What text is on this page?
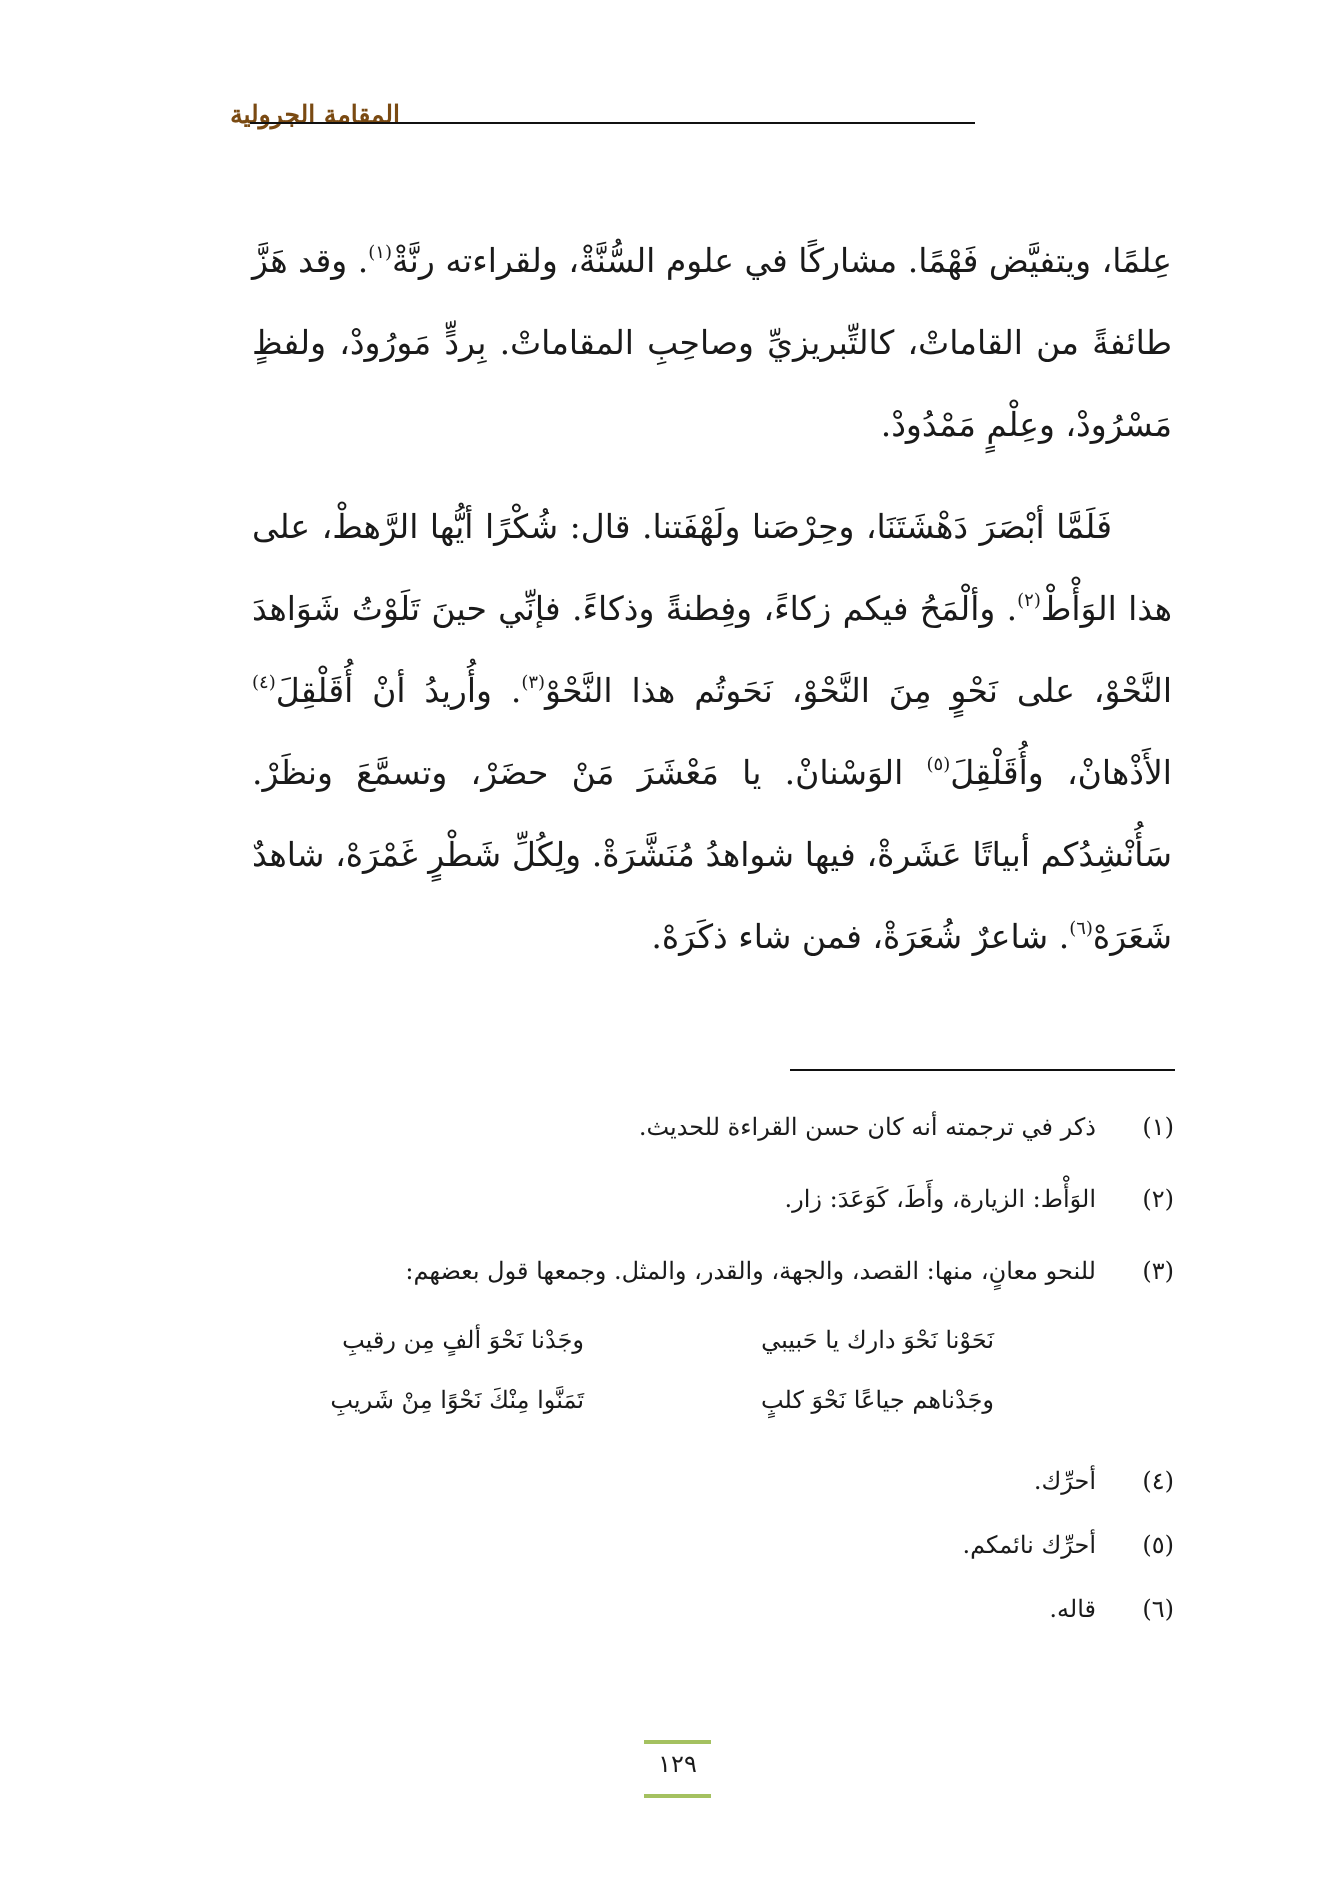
المقامة الجرولية

عِلمًا، ويتفيَّض فَهْمًا. مشاركًا في علوم السُّنَّةْ، ولقراءته رنَّةْ$^{(١)}$. وقد هَزَّ طائفةً من القاماتْ، كالتِّبريزيِّ وصاحِبِ المقاماتْ. بِردٍّ مَورُودْ، ولفظٍ مَسْرُودْ، وعِلْمٍ مَمْدُودْ.

فَلَمَّا أبْصَرَ دَهْشَتَنَا، وحِرْصَنا ولَهْفَتنا. قال: شُكْرًا أيُّها الرَّهطْ، على هذا الوَأْطْ$^{(٢)}$. وألْمَحُ فيكم زكاءً، وفِطنةً وذكاءً. فإنِّي حينَ تَلَوْتُ شَوَاهدَ النَّحْوْ، على نَحْوٍ مِنَ النَّحْوْ، نَحَوتُم هذا النَّحْوْ$^{(٣)}$. وأُريدُ أنْ أُقَلْقِلَ$^{(٤)}$ الأَذْهانْ، وأُقَلْقِلَ$^{(٥)}$ الوَسْنانْ. يا مَعْشَرَ مَنْ حضَرْ، وتسمَّعَ ونظَرْ. سَأُنْشِدُكم أبياتًا عَشَرةْ، فيها شواهدُ مُنَشَّرَةْ. ولِكُلِّ شَطْرٍ غَمْرَهْ، شاهدٌ شَعَرَهْ$^{(٦)}$. شاعرٌ شُعَرَةْ، فمن شاء ذكَرَهْ.

(١)
ذكر في ترجمته أنه كان حسن القراءة للحديث.
(٢)
الوَأْط: الزيارة، وأَطَ، كَوَعَدَ: زار.
(٣)
للنحو معانٍ، منها: القصد، والجهة، والقدر، والمثل. وجمعها قول بعضهم:
نَحَوْنا نَحْوَ دارك يا حَبيبي
وجَدْنا نَحْوَ ألفٍ مِن رقيبِ
وجَدْناهم جياعًا نَحْوَ كلبٍ
تَمَنَّوا مِنْكَ نَحْوًا مِنْ شَريبِ
(٤)
أحرِّك.
(٥)
أحرِّك نائمكم.
(٦)
قاله.
١٢٩
